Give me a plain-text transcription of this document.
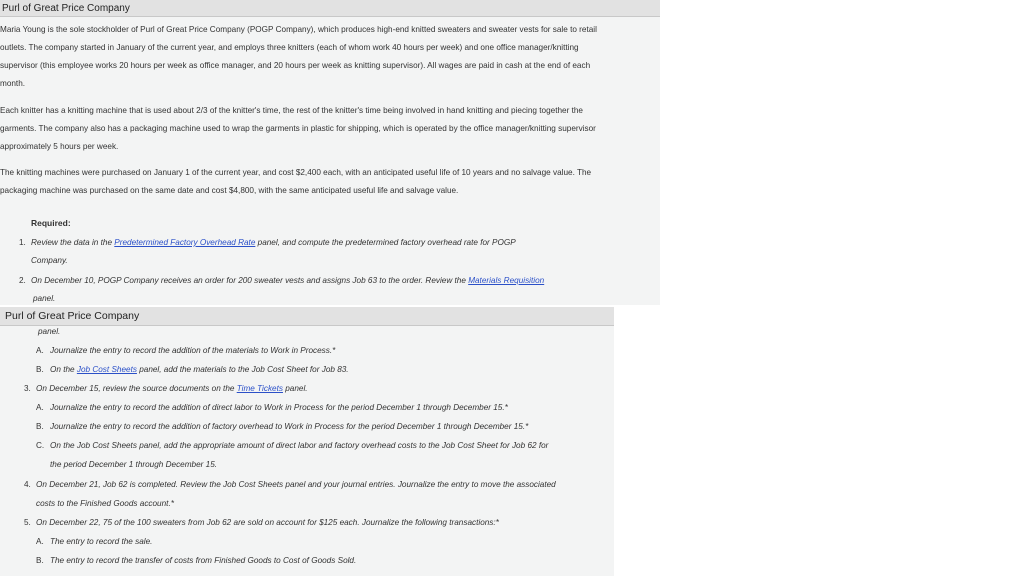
Purl of Great Price Company
Maria Young is the sole stockholder of Purl of Great Price Company (POGP Company), which produces high-end knitted sweaters and sweater vests for sale to retail
outlets. The company started in January of the current year, and employs three knitters (each of whom work 40 hours per week) and one office manager/knitting
supervisor (this employee works 20 hours per week as office manager, and 20 hours per week as knitting supervisor). All wages are paid in cash at the end of each
month.
Each knitter has a knitting machine that is used about 2/3 of the knitter's time, the rest of the knitter's time being involved in hand knitting and piecing together the
garments. The company also has a packaging machine used to wrap the garments in plastic for shipping, which is operated by the office manager/knitting supervisor
approximately 5 hours per week.
The knitting machines were purchased on January 1 of the current year, and cost $2,400 each, with an anticipated useful life of 10 years and no salvage value. The
packaging machine was purchased on the same date and cost $4,800, with the same anticipated useful life and salvage value.
Required:
1. Review the data in the Predetermined Factory Overhead Rate panel, and compute the predetermined factory overhead rate for POGP
Company.
2. On December 10, POGP Company receives an order for 200 sweater vests and assigns Job 63 to the order. Review the Materials Requisition
panel.
Purl of Great Price Company
panel.
A. Journalize the entry to record the addition of the materials to Work in Process.*
B. On the Job Cost Sheets panel, add the materials to the Job Cost Sheet for Job 83.
3. On December 15, review the source documents on the Time Tickets panel.
A. Journalize the entry to record the addition of direct labor to Work in Process for the period December 1 through December 15.*
B. Journalize the entry to record the addition of factory overhead to Work in Process for the period December 1 through December 15.*
C. On the Job Cost Sheets panel, add the appropriate amount of direct labor and factory overhead costs to the Job Cost Sheet for Job 62 for
the period December 1 through December 15.
4. On December 21, Job 62 is completed. Review the Job Cost Sheets panel and your journal entries. Journalize the entry to move the associated
costs to the Finished Goods account.*
5. On December 22, 75 of the 100 sweaters from Job 62 are sold on account for $125 each. Journalize the following transactions:*
A. The entry to record the sale.
B. The entry to record the transfer of costs from Finished Goods to Cost of Goods Sold.
